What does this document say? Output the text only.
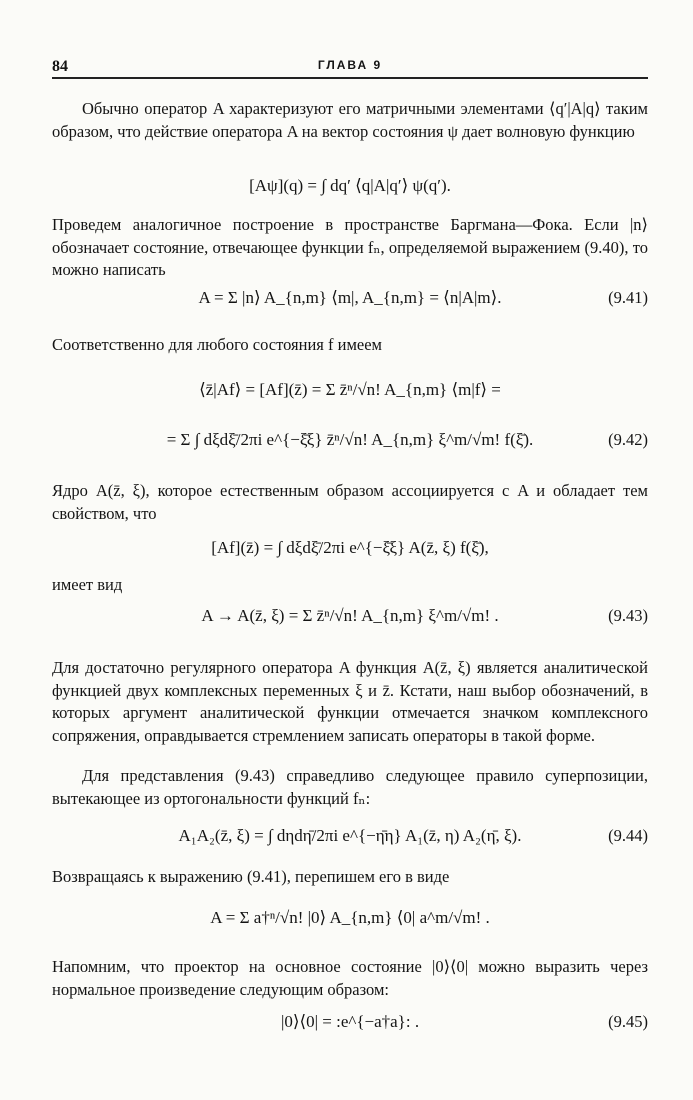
84	ГЛАВА 9
Обычно оператор A характеризуют его матричными элементами ⟨q′|A|q⟩ таким образом, что действие оператора A на вектор состояния ψ дает волновую функцию
[Aψ](q) = ∫ dq′ ⟨q|A|q′⟩ ψ(q′).
Проведем аналогичное построение в пространстве Баргмана—Фока. Если |n⟩ обозначает состояние, отвечающее функции fₙ, определяемой выражением (9.40), то можно написать
A = Σ |n⟩ A_{n,m} ⟨m|, A_{n,m} = ⟨n|A|m⟩.	(9.41)
Соответственно для любого состояния f имеем
⟨z̄|Af⟩ = [Af](z̄) = Σ z̄ⁿ/√n! A_{n,m} ⟨m|f⟩ =
= Σ ∫ dξdξ̄/2πi e^{−ξ̄ξ} z̄ⁿ/√n! A_{n,m} ξ^m/√m! f(ξ̄).	(9.42)
Ядро A(z̄, ξ), которое естественным образом ассоциируется с A и обладает тем свойством, что
[Af](z̄) = ∫ dξdξ̄/2πi e^{−ξ̄ξ} A(z̄, ξ) f(ξ̄),
имеет вид
A → A(z̄, ξ) = Σ z̄ⁿ/√n! A_{n,m} ξ^m/√m! .	(9.43)
Для достаточно регулярного оператора A функция A(z̄, ξ) является аналитической функцией двух комплексных переменных ξ и z̄. Кстати, наш выбор обозначений, в которых аргумент аналитической функции отмечается значком комплексного сопряжения, оправдывается стремлением записать операторы в такой форме.
Для представления (9.43) справедливо следующее правило суперпозиции, вытекающее из ортогональности функций fₙ:
A₁A₂(z̄, ξ) = ∫ dηdη̄/2πi e^{−η̄η} A₁(z̄, η) A₂(η̄, ξ).	(9.44)
Возвращаясь к выражению (9.41), перепишем его в виде
A = Σ a†ⁿ/√n! |0⟩ A_{n,m} ⟨0| a^m/√m! .
Напомним, что проектор на основное состояние |0⟩⟨0| можно выразить через нормальное произведение следующим образом:
|0⟩⟨0| = :e^{−a†a}: .	(9.45)
